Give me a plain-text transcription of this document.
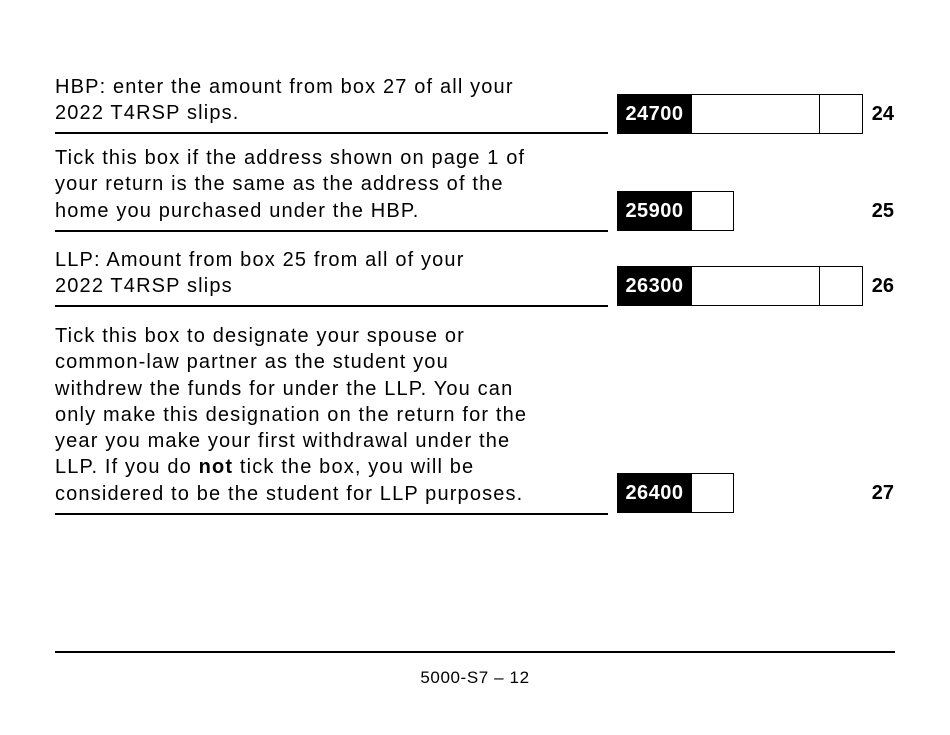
HBP: enter the amount from box 27 of all your

2022 T4RSP slips.	24700	24

Tick this box if the address shown on page 1 of

your return is the same as the address of the

home you purchased under the HBP.	25900	25

LLP: Amount from box 25 from all of your

2022 T4RSP slips	26300	26

Tick this box to designate your spouse or

common-law partner as the student you

withdrew the funds for under the LLP. You can

only make this designation on the return for the

year you make your first withdrawal under the

LLP. If you do not tick the box, you will be

considered to be the student for LLP purposes.	26400	27
5000-S7 – 12
